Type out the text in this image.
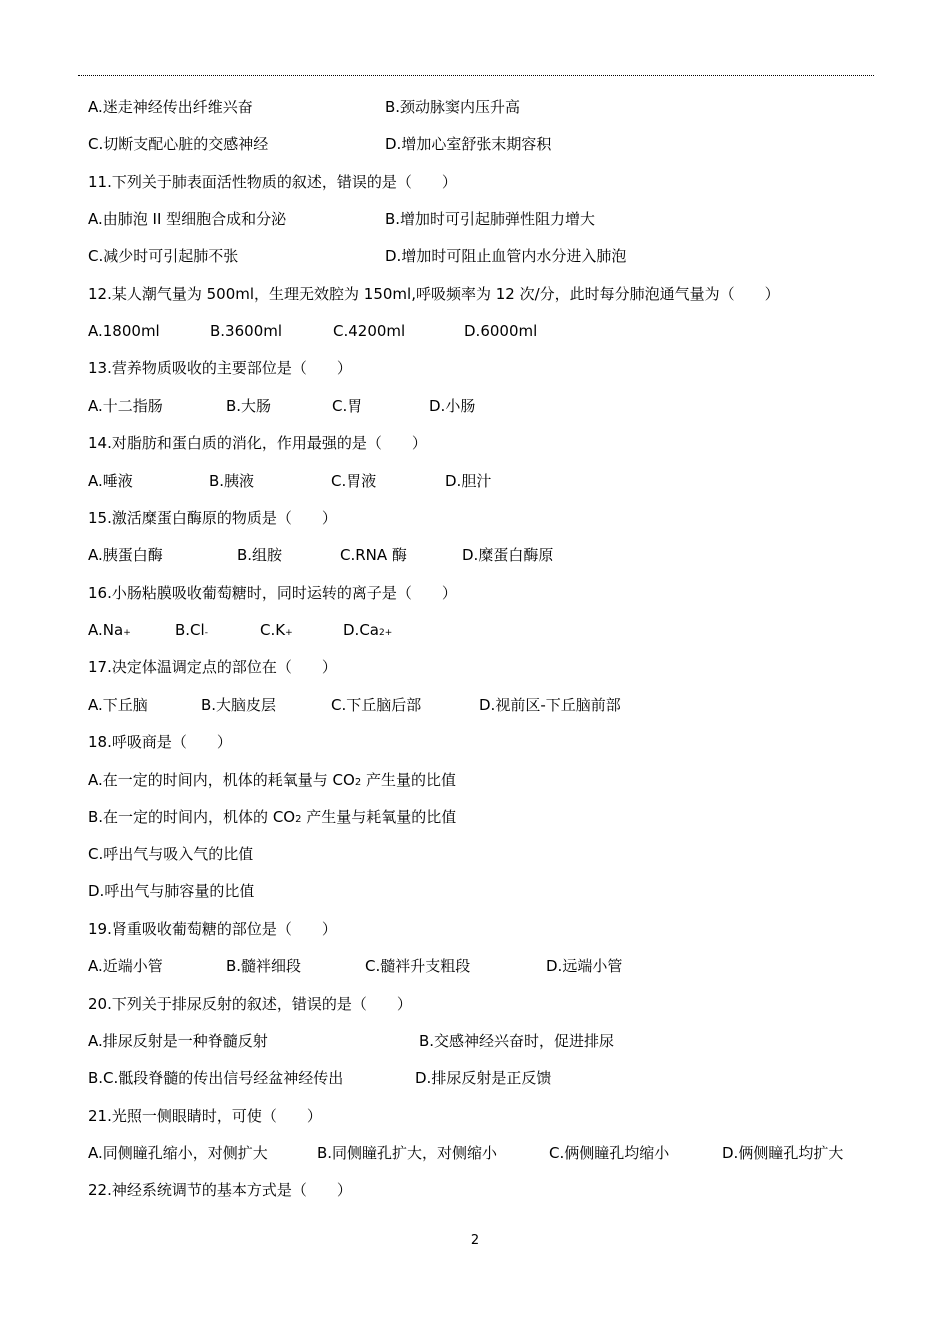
A.迷走神经传出纤维兴奋	B.颈动脉窦内压升高
C.切断支配心脏的交感神经	D.增加心室舒张末期容积
11.下列关于肺表面活性物质的叙述，错误的是（　　）
A.由肺泡 II 型细胞合成和分泌	B.增加时可引起肺弹性阻力增大
C.减少时可引起肺不张	D.增加时可阻止血管内水分进入肺泡
12.某人潮气量为 500ml，生理无效腔为 150ml,呼吸频率为 12 次/分，此时每分肺泡通气量为（　　）
A.1800ml	B.3600ml	C.4200ml	D.6000ml
13.营养物质吸收的主要部位是（　　）
A.十二指肠	B.大肠	C.胃	D.小肠
14.对脂肪和蛋白质的消化，作用最强的是（　　）
A.唾液	B.胰液	C.胃液	D.胆汁
15.激活糜蛋白酶原的物质是（　　）
A.胰蛋白酶	B.组胺	C.RNA 酶	D.糜蛋白酶原
16.小肠粘膜吸收葡萄糖时，同时运转的离子是（　　）
A.Na+	B.Cl-	C.K+	D.Ca2+
17.决定体温调定点的部位在（　　）
A.下丘脑	B.大脑皮层	C.下丘脑后部	D.视前区-下丘脑前部
18.呼吸商是（　　）
A.在一定的时间内，机体的耗氧量与 CO2 产生量的比值
B.在一定的时间内，机体的 CO2 产生量与耗氧量的比值
C.呼出气与吸入气的比值
D.呼出气与肺容量的比值
19.肾重吸收葡萄糖的部位是（　　）
A.近端小管	B.髓袢细段	C.髓袢升支粗段	D.远端小管
20.下列关于排尿反射的叙述，错误的是（　　）
A.排尿反射是一种脊髓反射	B.交感神经兴奋时，促进排尿
B.C.骶段脊髓的传出信号经盆神经传出	D.排尿反射是正反馈
21.光照一侧眼睛时，可使（　　）
A.同侧瞳孔缩小，对侧扩大	B.同侧瞳孔扩大，对侧缩小	C.俩侧瞳孔均缩小	D.俩侧瞳孔均扩大
22.神经系统调节的基本方式是（　　）
2
